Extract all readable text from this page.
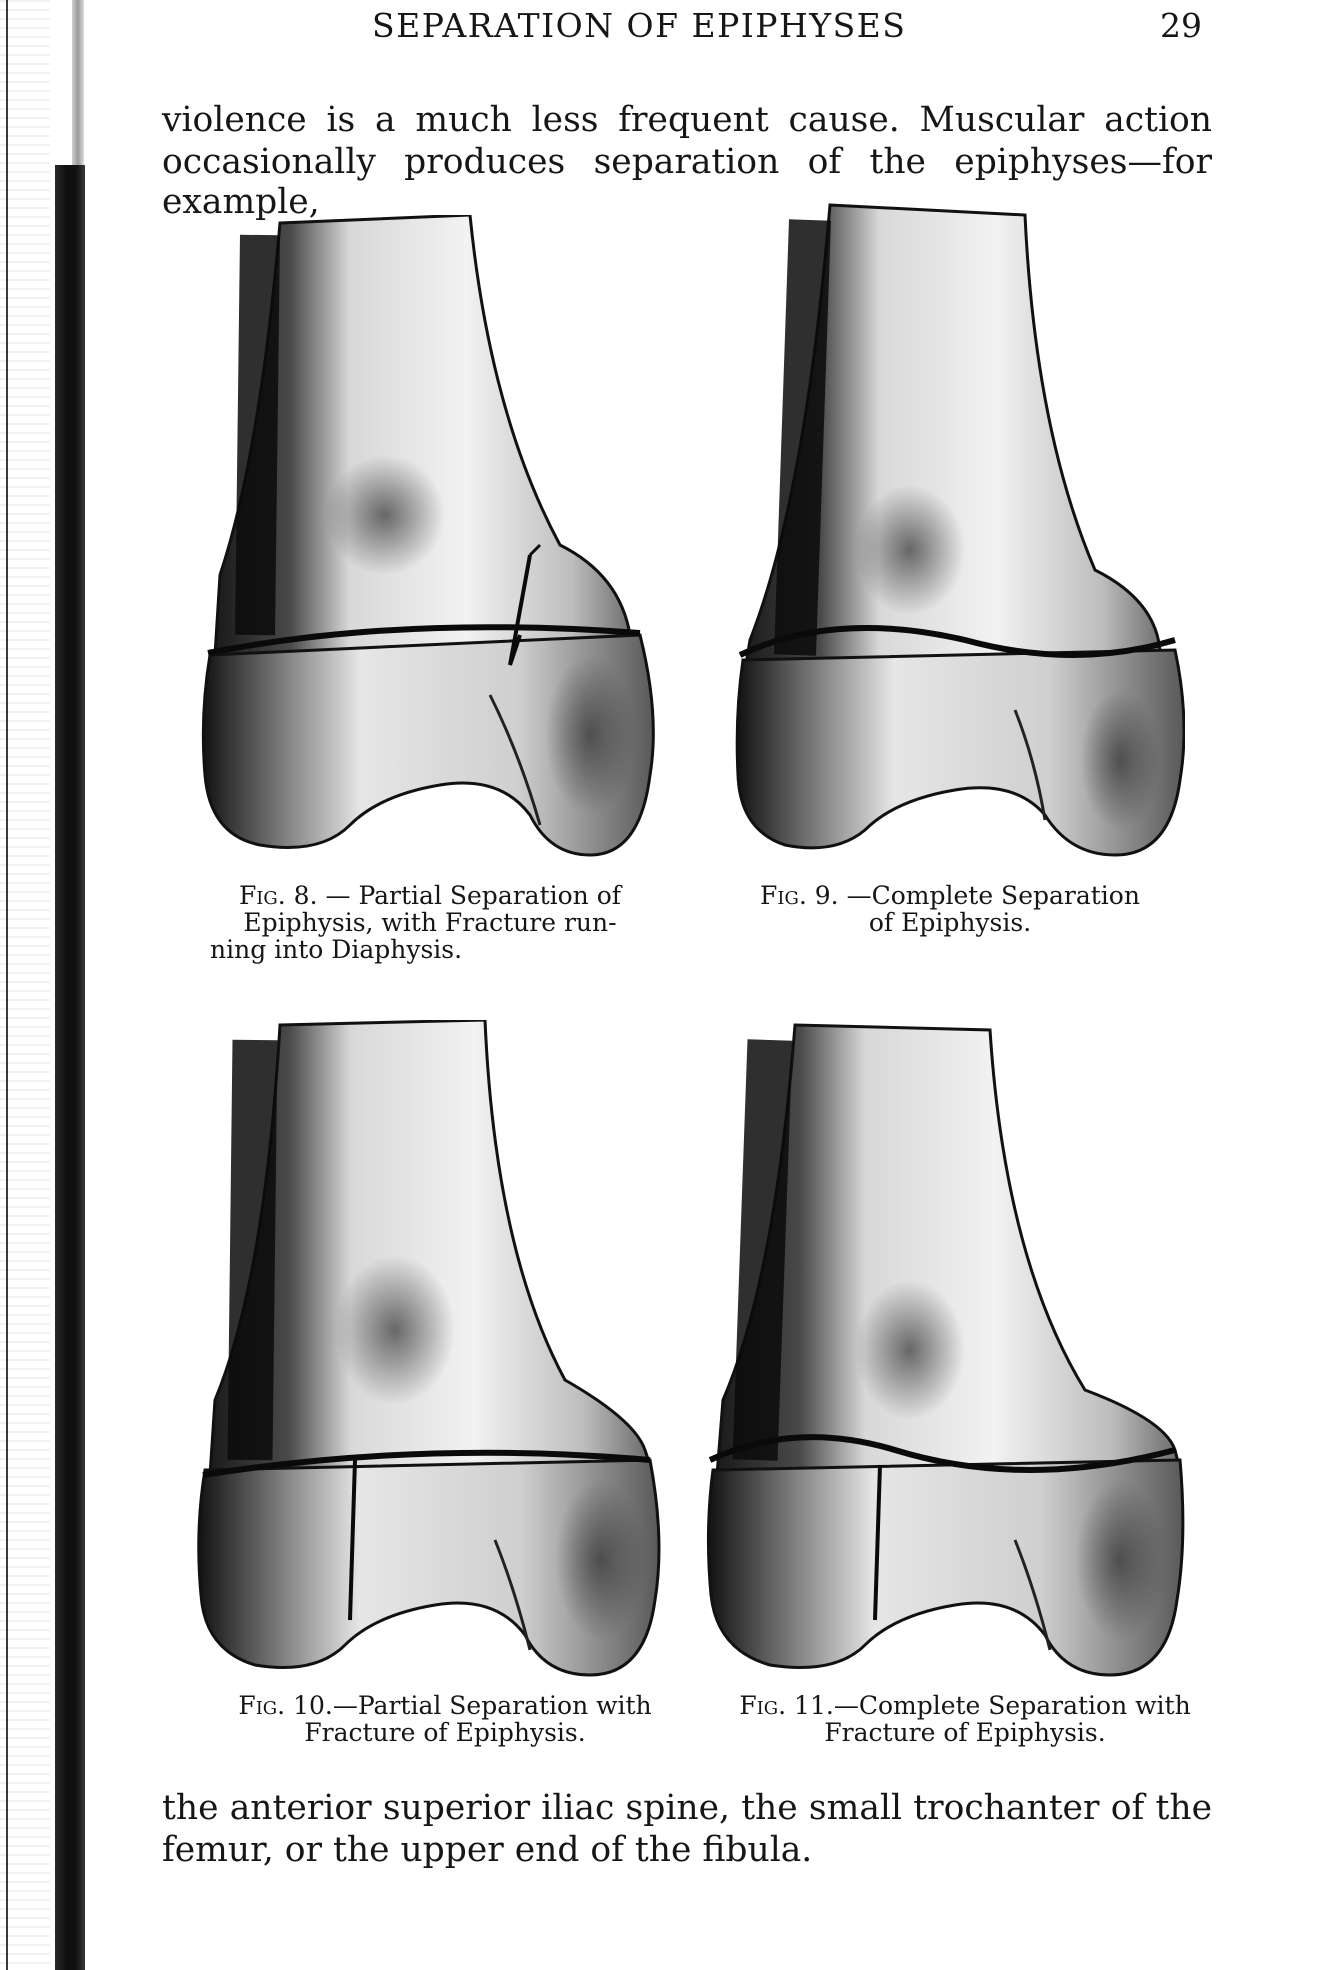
SEPARATION OF EPIPHYSES	29
violence is a much less frequent cause. Muscular action
occasionally produces separation of the epiphyses—for example,
Fig. 8. — Partial Separation of
Epiphysis, with Fracture run-
ning into Diaphysis.
Fig. 9. —Complete Separation
of Epiphysis.
Fig. 10.—Partial Separation with
Fracture of Epiphysis.
Fig. 11.—Complete Separation with
Fracture of Epiphysis.
the anterior superior iliac spine, the small trochanter of the
femur, or the upper end of the fibula.
